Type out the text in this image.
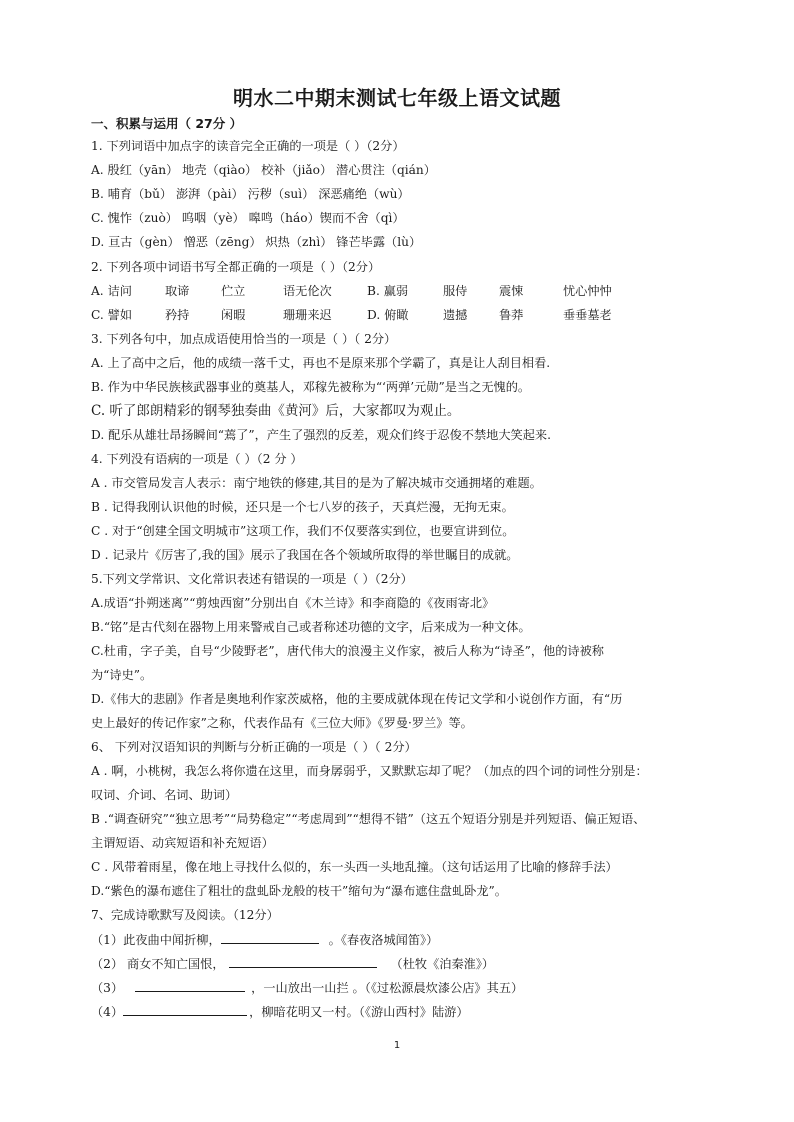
明水二中期末测试七年级上语文试题
一、积累与运用（ 27分 ）
1. 下列词语中加点字的读音完全正确的一项是（ ）（2分）
A. 殷红（yān） 地壳（qiào） 校补（jiǎo） 潜心贯注（qián）
B. 哺育（bǔ） 澎湃（pài） 污秽（suì） 深恶痛绝（wù）
C. 愧怍（zuò） 呜咽（yè） 嗥鸣（háo）锲而不舍（qì）
D. 亘古（gèn） 憎恶（zēng） 炽热（zhì） 锋芒毕露（lù）
2. 下列各项中词语书写全都正确的一项是（ ）（2分）
A. 诘问	取谛	伫立	语无伦次	B. 赢弱	服侍	震悚	忧心忡忡
C. 譬如	矜持	闲暇	珊珊来迟	D. 俯瞰	遗撼	鲁莽	垂垂墓老
3. 下列各句中，加点成语使用恰当的一项是（ ）（ 2分）
A. 上了高中之后，他的成绩一落千丈，再也不是原来那个学霸了，真是让人刮目相看.
B. 作为中华民族核武器事业的奠基人，邓稼先被称为“‘两弹’元勋”是当之无愧的。
C. 听了郎朗精彩的钢琴独奏曲《黄河》后，大家都叹为观止。
D. 配乐从雄壮昂扬瞬间“蔫了”，产生了强烈的反差，观众们终于忍俊不禁地大笑起来.
4. 下列没有语病的一项是（ ）（2 分 ）
A . 市交管局发言人表示：南宁地铁的修建,其目的是为了解决城市交通拥堵的难题。
B . 记得我刚认识他的时候，还只是一个七八岁的孩子，天真烂漫，无拘无束。
C . 对于“创建全国文明城市”这项工作，我们不仅要落实到位，也要宣讲到位。
D . 记录片《厉害了,我的国》展示了我国在各个领域所取得的举世瞩目的成就。
5.下列文学常识、文化常识表述有错误的一项是（ ）（2分）
A.成语“扑朔迷离”“剪烛西窗”分别出自《木兰诗》和李商隐的《夜雨寄北》
B.“铭”是古代刻在器物上用来警戒自己或者称述功德的文字，后来成为一种文体。
C.杜甫，字子美，自号“少陵野老”，唐代伟大的浪漫主义作家，被后人称为“诗圣”，他的诗被称
为“诗史”。
D.《伟大的悲剧》作者是奥地利作家茨威格，他的主要成就体现在传记文学和小说创作方面，有“历
史上最好的传记作家”之称，代表作品有《三位大师》《罗曼·罗兰》等。
6、 下列对汉语知识的判断与分析正确的一项是（ ）（ 2分）
A . 啊，小桃树，我怎么将你遗在这里，而身孱弱乎，又默默忘却了呢？（加点的四个词的词性分别是：
叹词、介词、名词、助词）
B .“调查研究”“独立思考”“局势稳定”“考虑周到”“想得不错”（这五个短语分别是并列短语、偏正短语、
主谓短语、动宾短语和补充短语）
C . 风带着雨星，像在地上寻找什么似的，东一头西一头地乱撞。（这句话运用了比喻的修辞手法）
D.“紫色的瀑布遮住了粗壮的盘虬卧龙般的枝干”缩句为“瀑布遮住盘虬卧龙”。
7、完成诗歌默写及阅读。（12分）
（1）此夜曲中闻折柳，	。《春夜洛城闻笛》）
（2） 商女不知亡国恨，	（杜牧《泊秦淮》）
（3）	，一山放出一山拦 。（《过松源晨炊漆公店》其五）
（4）	，柳暗花明又一村。（《游山西村》陆游）
1
